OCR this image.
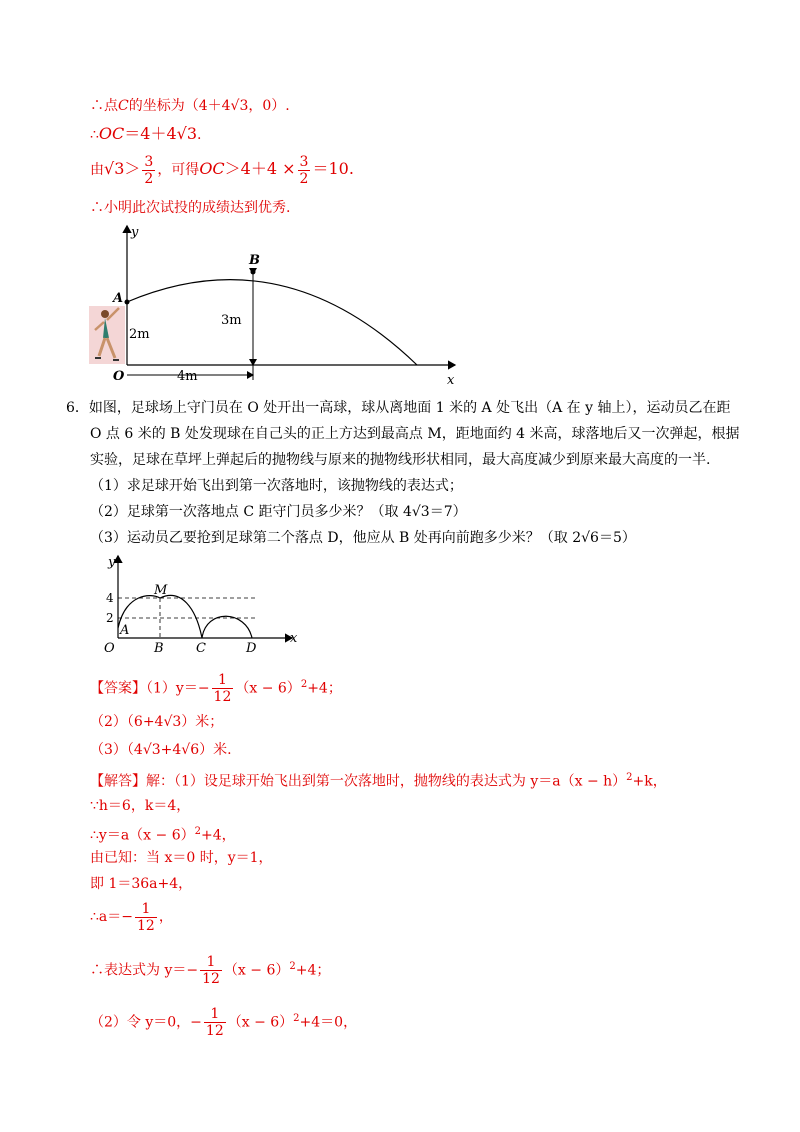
∴点C的坐标为（4＋4√3，0）.
∴OC＝4＋4√3.
由$√3> \frac{3}{2}$ ，可得$OC>4+4 \times \frac{3}{2} =10$.
∴小明此次试投的成绩达到优秀.
y
x
O
A
B
2m
3m
4m
6．如图，足球场上守门员在 O 处开出一高球，球从离地面 1 米的 A 处飞出（A 在 y 轴上），运动员乙在距
O 点 6 米的 B 处发现球在自己头的正上方达到最高点 M，距地面约 4 米高，球落地后又一次弹起，根据
实验，足球在草坪上弹起后的抛物线与原来的抛物线形状相同，最大高度减少到原来最大高度的一半.
（1）求足球开始飞出到第一次落地时，该抛物线的表达式；
（2）足球第一次落地点 C 距守门员多少米？（取 4√3＝7）
（3）运动员乙要抢到足球第二个落点 D，他应从 B 处再向前跑多少米？（取 2√6＝5）
y
x
O
4
2
M
A
B C	D
【答案】$(1)y=- \frac{1}{12} (x - 6)^2+4$；
（2）（6+4√3）米；
（3）（4√3+4√6）米.
【解答】解：（1）设足球开始飞出到第一次落地时，抛物线的表达式为 $y=a(x - h)^2+k$，
∵h＝6，k＝4，
∴y＝a（x − 6）$^2$+4，
由已知：当 x＝0 时，y＝1，
即 1＝36a+4，
∴a＝− $\frac{1}{12}$ ，
∴表达式为 $y=- \frac{1}{12} (x - 6)^2+4$；
（2）令 y＝0，− $\frac{1}{12} (x - 6)^2+4=0$，
